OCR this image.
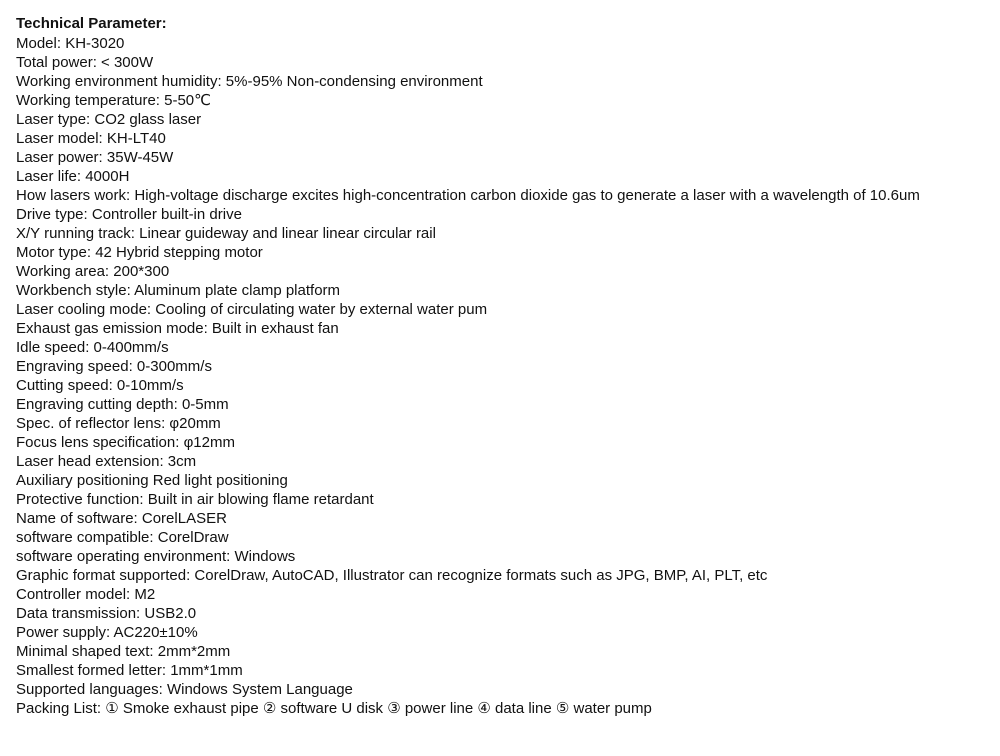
Technical Parameter:
Model: KH-3020
Total power: < 300W
Working environment humidity: 5%-95% Non-condensing environment
Working temperature: 5-50℃
Laser type: CO2 glass laser
Laser model: KH-LT40
Laser power: 35W-45W
Laser life: 4000H
How lasers work: High-voltage discharge excites high-concentration carbon dioxide gas to generate a laser with a wavelength of 10.6um
Drive type: Controller built-in drive
X/Y running track: Linear guideway and linear linear circular rail
Motor type: 42 Hybrid stepping motor
Working area: 200*300
Workbench style: Aluminum plate clamp platform
Laser cooling mode: Cooling of circulating water by external water pum
Exhaust gas emission mode: Built in exhaust fan
Idle speed: 0-400mm/s
Engraving speed: 0-300mm/s
Cutting speed: 0-10mm/s
Engraving cutting depth: 0-5mm
Spec. of reflector lens: φ20mm
Focus lens specification: φ12mm
Laser head extension: 3cm
Auxiliary positioning Red light positioning
Protective function: Built in air blowing flame retardant
Name of software: CorelLASER
software compatible: CorelDraw
software operating environment: Windows
Graphic format supported: CorelDraw, AutoCAD, Illustrator can recognize formats such as JPG, BMP, AI, PLT, etc
Controller model: M2
Data transmission: USB2.0
Power supply: AC220±10%
Minimal shaped text: 2mm*2mm
Smallest formed letter: 1mm*1mm
Supported languages: Windows System Language
Packing List: ① Smoke exhaust pipe ② software U disk ③ power line ④ data line ⑤ water pump
